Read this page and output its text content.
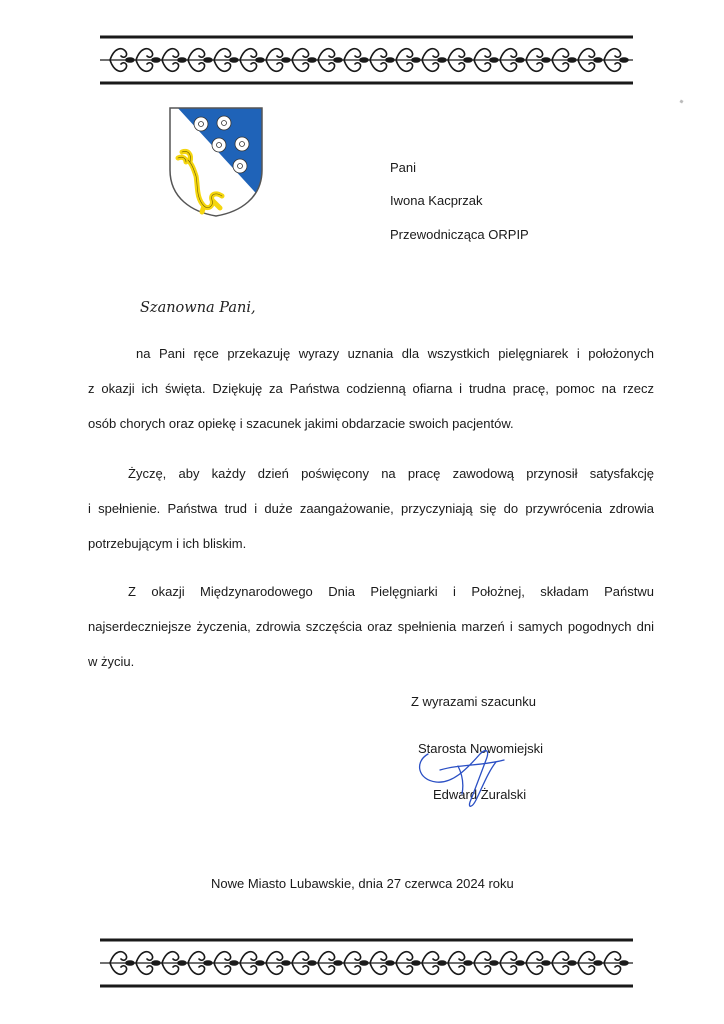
Pani
Iwona Kacprzak
Przewodnicząca ORPIP
Szanowna Pani,
na Pani ręce przekazuję wyrazy uznania dla wszystkich pielęgniarek i położonych
z okazji ich święta. Dziękuję za Państwa codzienną ofiarna i trudna pracę, pomoc na rzecz
osób chorych oraz opiekę i szacunek jakimi obdarzacie swoich pacjentów.
Życzę, aby każdy dzień poświęcony na pracę zawodową przynosił satysfakcję
i spełnienie. Państwa trud i duże zaangażowanie, przyczyniają się do przywrócenia zdrowia
potrzebującym i ich bliskim.
Z okazji Międzynarodowego Dnia Pielęgniarki i Położnej, składam Państwu
najserdeczniejsze życzenia, zdrowia szczęścia oraz spełnienia marzeń i samych pogodnych dni
w życiu.
Z wyrazami szacunku
Starosta Nowomiejski
Edward Żuralski
Nowe Miasto Lubawskie, dnia 27 czerwca 2024 roku
